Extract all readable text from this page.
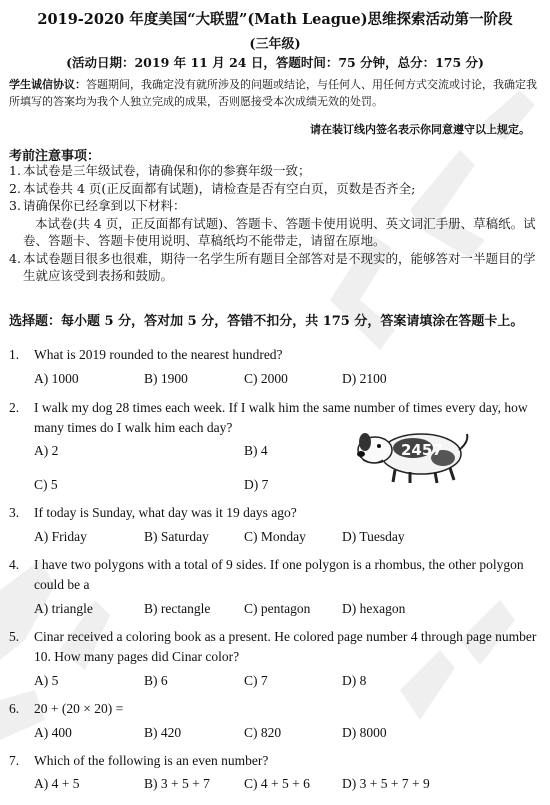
2019-2020 年度美国“大联盟”(Math League)思维探索活动第一阶段
(三年级)
(活动日期：2019 年 11 月 24 日，答题时间：75 分钟，总分：175 分)
学生诚信协议：答题期间，我确定没有就所涉及的问题或结论，与任何人、用任何方式交流或讨论，我确定我所填写的答案均为我个人独立完成的成果，否则愿接受本次成绩无效的处罚。
请在装订线内签名表示你同意遵守以上规定。
考前注意事项：
1. 本试卷是三年级试卷，请确保和你的参赛年级一致；
2. 本试卷共 4 页(正反面都有试题)，请检查是否有空白页，页数是否齐全;
3. 请确保你已经拿到以下材料：
本试卷(共 4 页，正反面都有试题)、答题卡、答题卡使用说明、英文词汇手册、草稿纸。试卷、答题卡、答题卡使用说明、草稿纸均不能带走，请留在原地。
4. 本试卷题目很多也很难，期待一名学生所有题目全部答对是不现实的，能够答对一半题目的学生就应该受到表扬和鼓励。
选择题：每小题 5 分，答对加 5 分，答错不扣分，共 175 分，答案请填涂在答题卡上。
1. What is 2019 rounded to the nearest hundred?
A) 1000	B) 1900	C) 2000	D) 2100
2. I walk my dog 28 times each week. If I walk him the same number of times every day, how many times do I walk him each day?
A) 2	B) 4
C) 5	D) 7
2457
3. If today is Sunday, what day was it 19 days ago?
A) Friday	B) Saturday	C) Monday	D) Tuesday
4. I have two polygons with a total of 9 sides. If one polygon is a rhombus, the other polygon could be a
A) triangle	B) rectangle C) pentagon D) hexagon
5. Cinar received a coloring book as a present. He colored page number 4 through page number 10. How many pages did Cinar color?
A) 5	B) 6	C) 7	D) 8
6. 20 + (20 × 20) =
A) 400	B) 420	C) 820	D) 8000
7. Which of the following is an even number?
A) 4 + 5	B) 3 + 5 + 7	C) 4 + 5 + 6 D) 3 + 5 + 7 + 9
